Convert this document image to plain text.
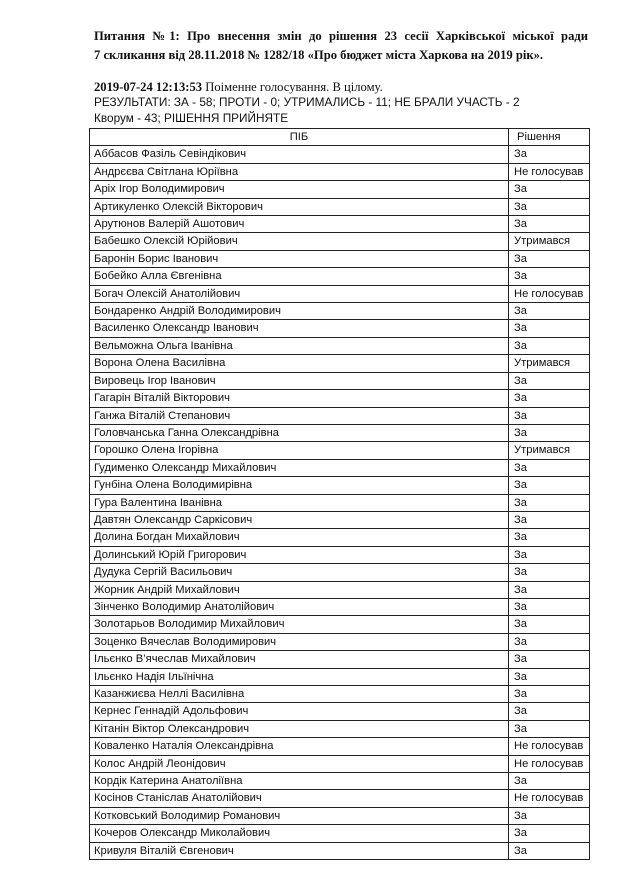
Питання №1: Про внесення змін до рішення 23 сесії Харківської міської ради
7 скликання від 28.11.2018 № 1282/18 «Про бюджет міста Харкова на 2019 рік».
2019-07-24 12:13:53 Поіменне голосування. В цілому.
РЕЗУЛЬТАТИ: ЗА - 58; ПРОТИ - 0; УТРИМАЛИСЬ - 11; НЕ БРАЛИ УЧАСТЬ - 2
Кворум - 43; РІШЕННЯ ПРИЙНЯТЕ
ПІБ	Рішення
Аббасов Фазіль Севіндікович	За
Андрєєва Світлана Юріївна	Не голосував
Аріх Ігор Володимирович	За
Артикуленко Олексій Вікторович	За
Арутюнов Валерій Ашотович	За
Бабешко Олексій Юрійович	Утримався
Баронін Борис Іванович	За
Бобейко Алла Євгенівна	За
Богач Олексій Анатолійович	Не голосував
Бондаренко Андрій Володимирович	За
Василенко Олександр Іванович	За
Вельможна Ольга Іванівна	За
Ворона Олена Василівна	Утримався
Вировець Ігор Іванович	За
Гагарін Віталій Вікторович	За
Ганжа Віталій Степанович	За
Головчанська Ганна Олександрівна	За
Горошко Олена Ігорівна	Утримався
Гудименко Олександр Михайлович	За
Гунбіна Олена Володимирівна	За
Гура Валентина Іванівна	За
Давтян Олександр Саркісович	За
Долина Богдан Михайлович	За
Долинський Юрій Григорович	За
Дудука Сергій Васильович	За
Жорник Андрій Михайлович	За
Зінченко Володимир Анатолійович	За
Золотарьов Володимир Михайлович	За
Зоценко Вячеслав Володимирович	За
Ільєнко В’ячеслав Михайлович	За
Ільєнко Надія Ільїнічна	За
Казанжиєва Неллі Василівна	За
Кернес Геннадій Адольфович	За
Кітанін Віктор Олександрович	За
Коваленко Наталія Олександрівна	Не голосував
Колос Андрій Леонідович	Не голосував
Кордік Катерина Анатоліївна	За
Косінов Станіслав Анатолійович	Не голосував
Котковський Володимир Романович	За
Кочеров Олександр Миколайович	За
Кривуля Віталій Євгенович	За
